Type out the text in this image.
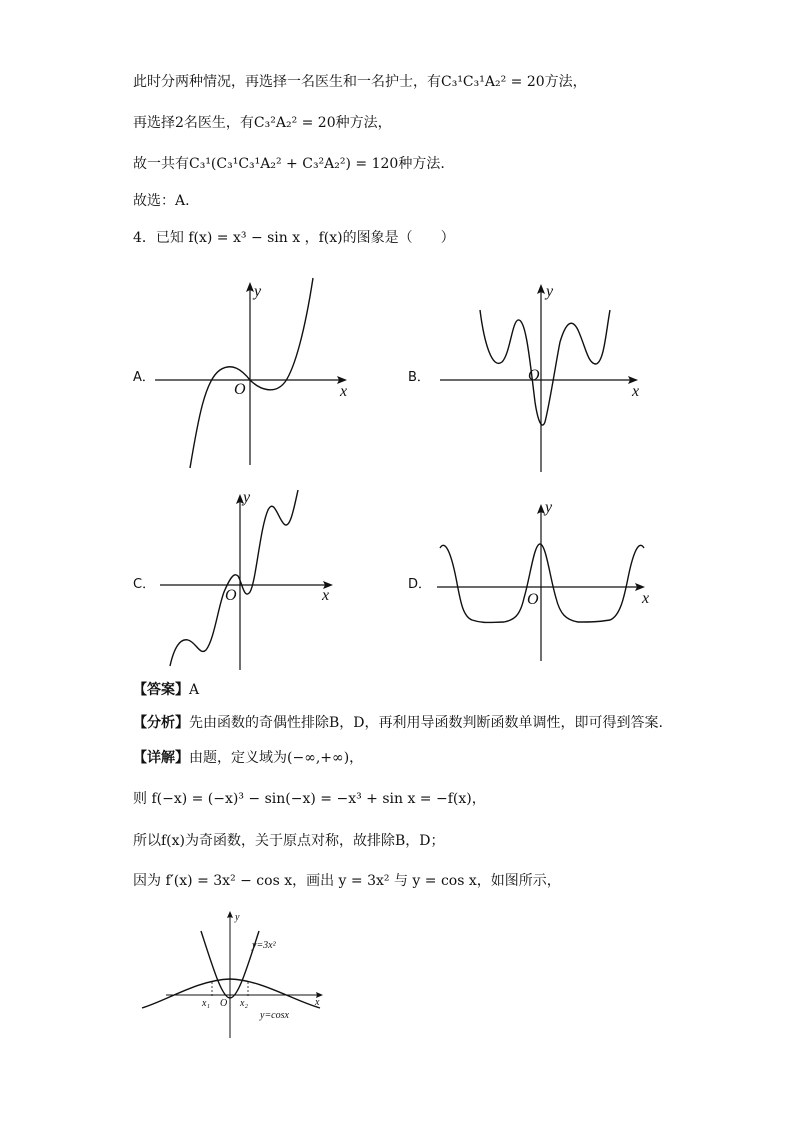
此时分两种情况，再选择一名医生和一名护士，有C₃¹C₃¹A₂² = 20方法，
再选择2名医生，有C₃²A₂² = 20种方法，
故一共有C₃¹(C₃¹C₃¹A₂² + C₃²A₂²) = 120种方法.
故选：A.
4．已知 f(x) = x³ − sin x ，f(x)的图象是（　　）
A．	B．
C．	D．
x
y
O	x
y
O
x
y
O	x
y
O
【答案】A
【分析】先由函数的奇偶性排除B，D，再利用导函数判断函数单调性，即可得到答案.
【详解】由题，定义域为(−∞,+∞)，
则 f(−x) = (−x)³ − sin(−x) = −x³ + sin x = −f(x)，
所以f(x)为奇函数，关于原点对称，故排除B，D；
因为 f′(x) = 3x² − cos x，画出 y = 3x² 与 y = cos x，如图所示，
y
x
O
x₁	x₂
y=3x²
y=cosx
